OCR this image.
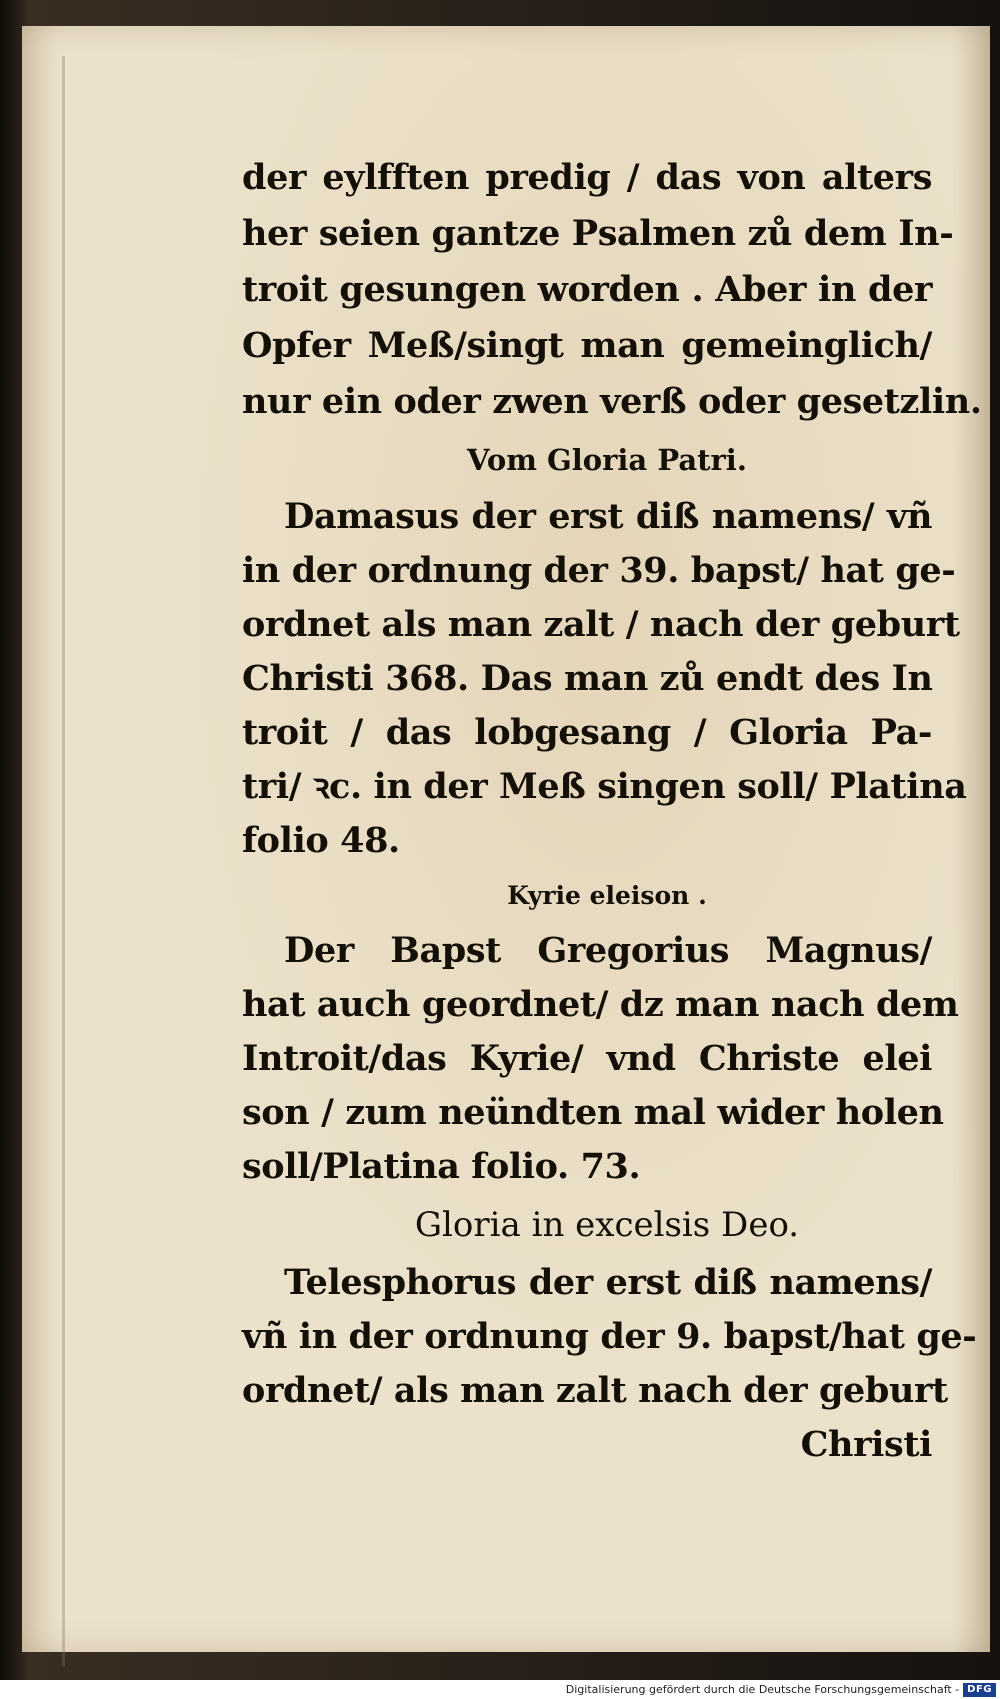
der eylfften predig / das von alters
her seien gantze Psalmen zů dem In-
troit gesungen worden . Aber in der
Opfer Meß/singt man gemeinglich/
nur ein oder zwen verß oder gesetzlin.
Vom Gloria Patri.
Damasus der erst diß namens/ vñ
in der ordnung der 39. bapst/ hat ge-
ordnet als man zalt / nach der geburt
Christi 368. Das man zů endt des In
troit / das lobgesang / Gloria Pa-
tri/ ꝛc. in der Meß singen soll/ Platina
folio 48.
Kyrie eleison .
Der Bapst Gregorius Magnus/
hat auch geordnet/ dz man nach dem
Introit/das Kyrie/ vnd Christe elei
son / zum neündten mal wider holen
soll/Platina folio. 73.
Gloria in excelsis Deo.
Telesphorus der erst diß namens/
vñ in der ordnung der 9. bapst/hat ge-
ordnet/ als man zalt nach der geburt
Christi
Digitalisierung gefördert durch die Deutsche Forschungsgemeinschaft - DFG
